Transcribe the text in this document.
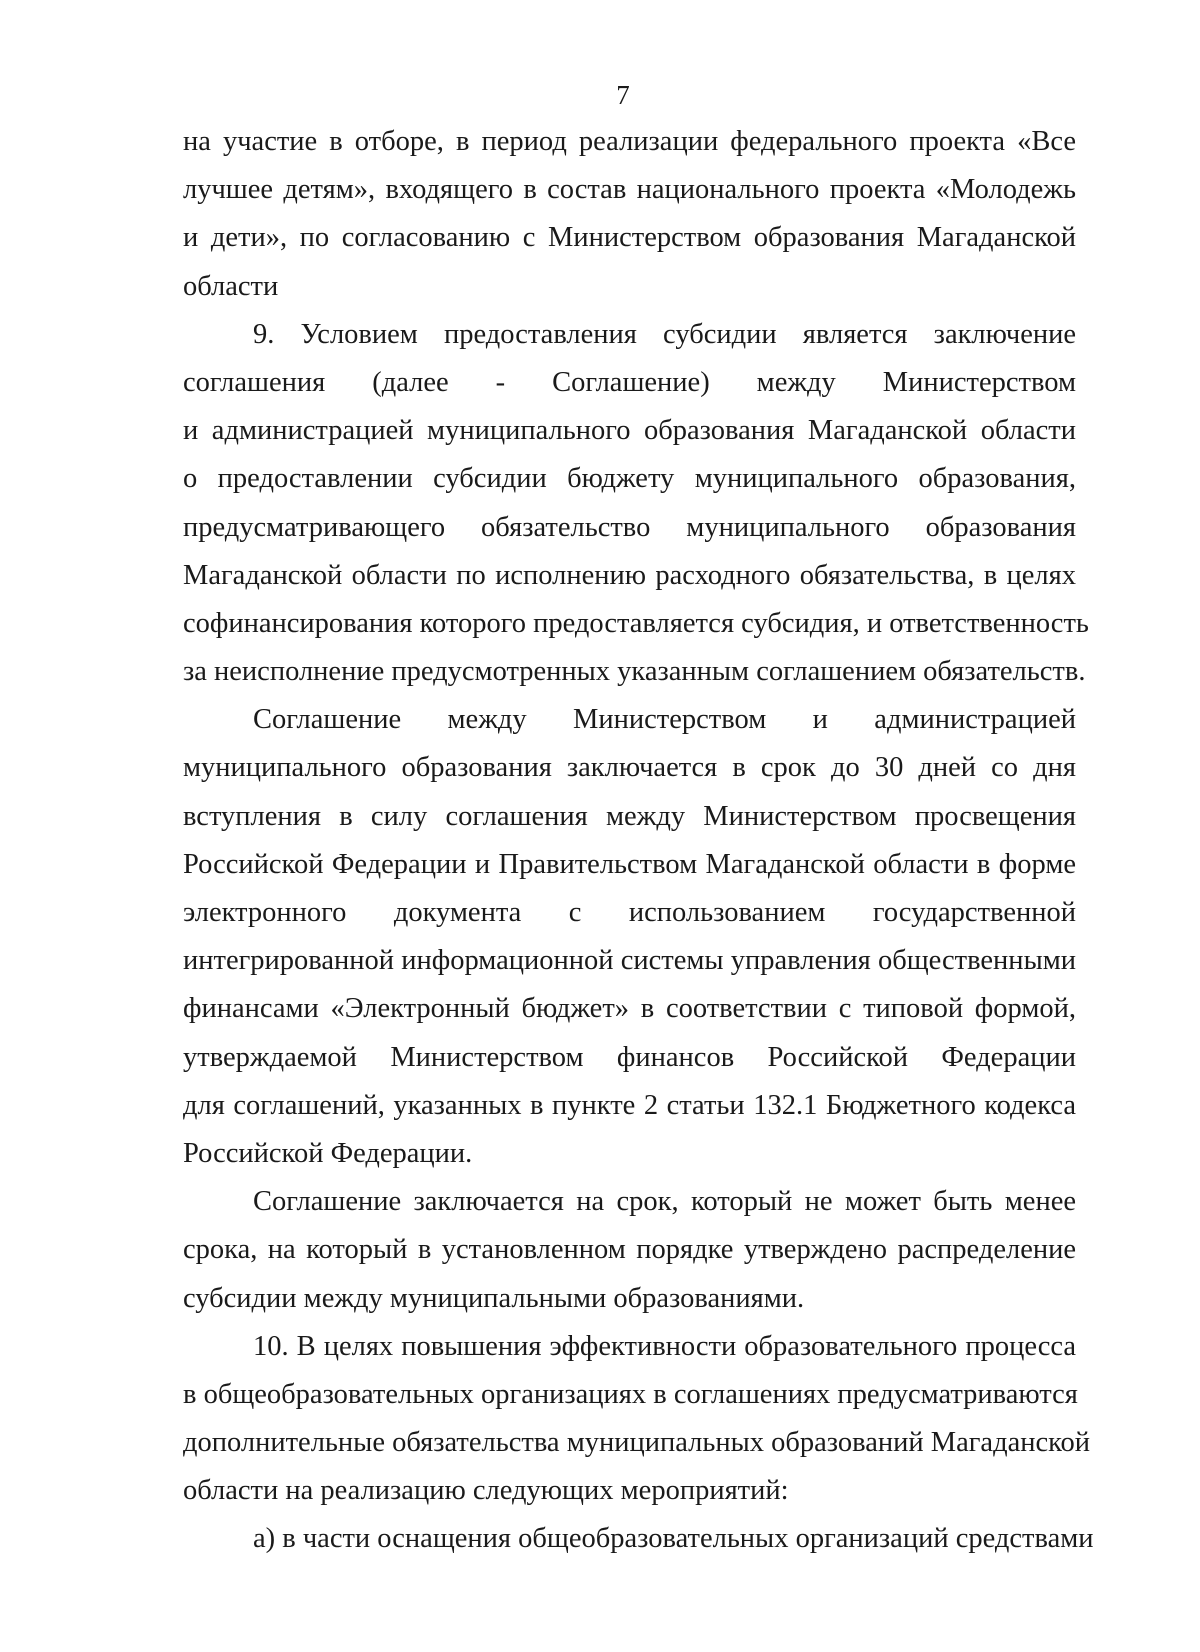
7
на участие в отборе, в период реализации федерального проекта «Все
лучшее детям», входящего в состав национального проекта «Молодежь
и дети», по согласованию с Министерством образования Магаданской
области
9. Условием предоставления субсидии является заключение
соглашения (далее - Соглашение) между Министерством
и администрацией муниципального образования Магаданской области
о предоставлении субсидии бюджету муниципального образования,
предусматривающего обязательство муниципального образования
Магаданской области по исполнению расходного обязательства, в целях
софинансирования которого предоставляется субсидия, и ответственность
за неисполнение предусмотренных указанным соглашением обязательств.
Соглашение между Министерством и администрацией
муниципального образования заключается в срок до 30 дней со дня
вступления в силу соглашения между Министерством просвещения
Российской Федерации и Правительством Магаданской области в форме
электронного документа с использованием государственной
интегрированной информационной системы управления общественными
финансами «Электронный бюджет» в соответствии с типовой формой,
утверждаемой Министерством финансов Российской Федерации
для соглашений, указанных в пункте 2 статьи 132.1 Бюджетного кодекса
Российской Федерации.
Соглашение заключается на срок, который не может быть менее
срока, на который в установленном порядке утверждено распределение
субсидии между муниципальными образованиями.
10. В целях повышения эффективности образовательного процесса
в общеобразовательных организациях в соглашениях предусматриваются
дополнительные обязательства муниципальных образований Магаданской
области на реализацию следующих мероприятий:
а) в части оснащения общеобразовательных организаций средствами
